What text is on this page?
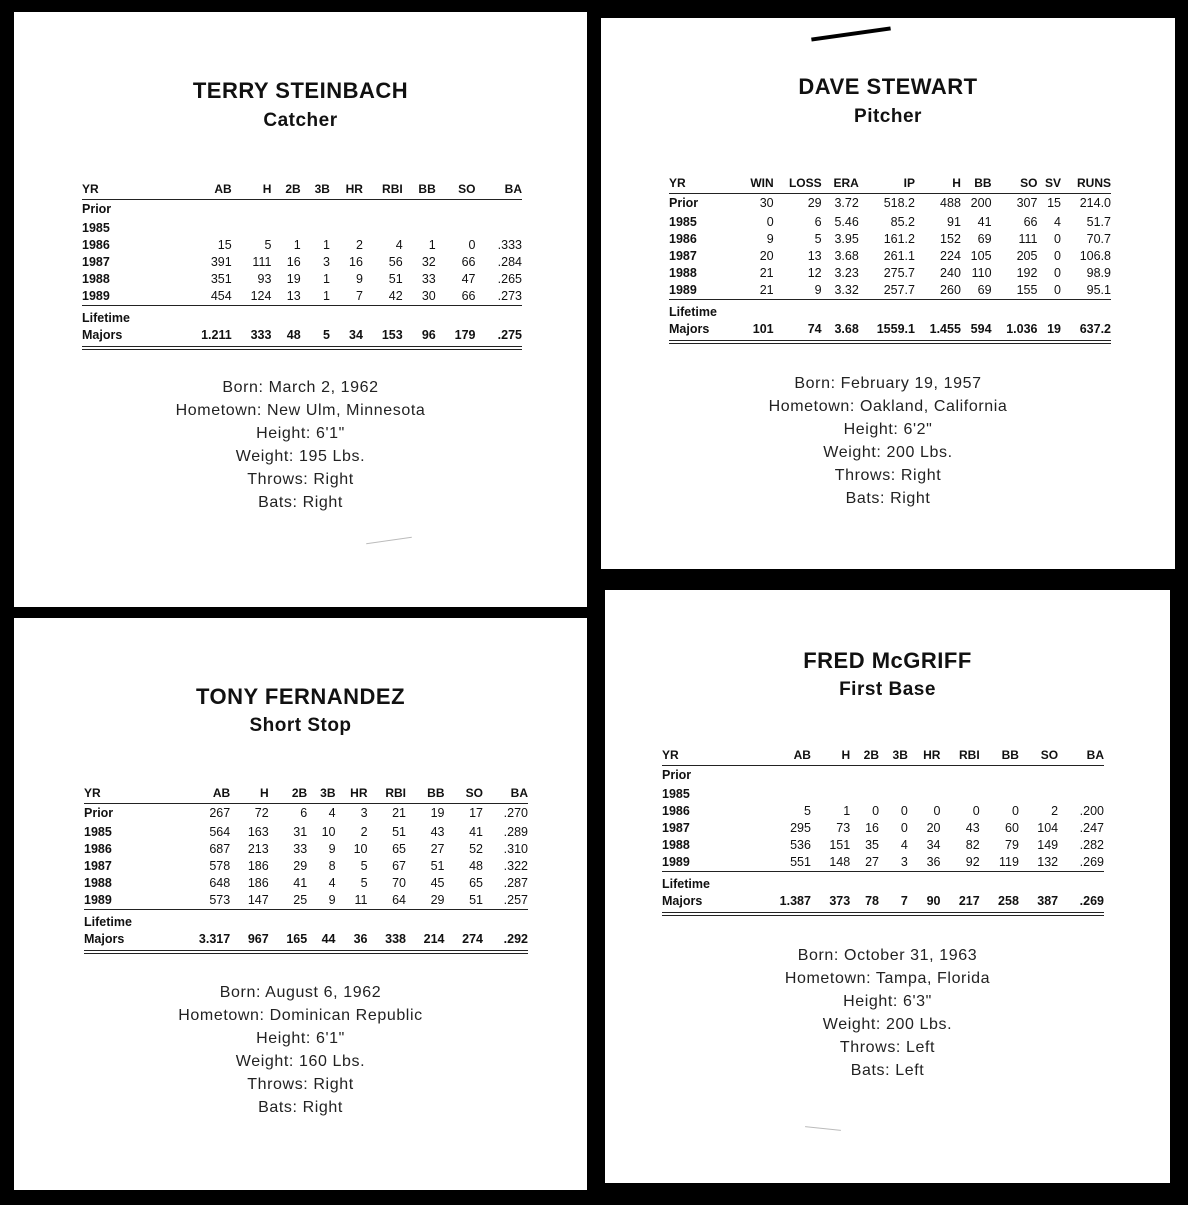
TERRY STEINBACH
Catcher
YR	AB	H	2B	3B	HR	RBI	BB	SO	BA
Prior									
1985									
1986	15	5	1	1	2	4	1	0	.333
1987	391	111	16	3	16	56	32	66	.284
1988	351	93	19	1	9	51	33	47	.265
1989	454	124	13	1	7	42	30	66	.273
Lifetime									
Majors	1.211	333	48	5	34	153	96	179	.275
Born: March 2, 1962
Hometown: New Ulm, Minnesota
Height: 6'1"
Weight: 195 Lbs.
Throws: Right
Bats: Right
DAVE STEWART
Pitcher
YR	WIN	LOSS	ERA	IP	H	BB	SO	SV	RUNS
Prior	30	29	3.72	518.2	488	200	307	15	214.0
1985	0	6	5.46	85.2	91	41	66	4	51.7
1986	9	5	3.95	161.2	152	69	111	0	70.7
1987	20	13	3.68	261.1	224	105	205	0	106.8
1988	21	12	3.23	275.7	240	110	192	0	98.9
1989	21	9	3.32	257.7	260	69	155	0	95.1
Lifetime									
Majors	101	74	3.68	1559.1	1.455	594	1.036	19	637.2
Born: February 19, 1957
Hometown: Oakland, California
Height: 6'2"
Weight: 200 Lbs.
Throws: Right
Bats: Right
TONY FERNANDEZ
Short Stop
YR	AB	H	2B	3B	HR	RBI	BB	SO	BA
Prior	267	72	6	4	3	21	19	17	.270
1985	564	163	31	10	2	51	43	41	.289
1986	687	213	33	9	10	65	27	52	.310
1987	578	186	29	8	5	67	51	48	.322
1988	648	186	41	4	5	70	45	65	.287
1989	573	147	25	9	11	64	29	51	.257
Lifetime									
Majors	3.317	967	165	44	36	338	214	274	.292
Born: August 6, 1962
Hometown: Dominican Republic
Height: 6'1"
Weight: 160 Lbs.
Throws: Right
Bats: Right
FRED McGRIFF
First Base
YR	AB	H	2B	3B	HR	RBI	BB	SO	BA
Prior									
1985									
1986	5	1	0	0	0	0	0	2	.200
1987	295	73	16	0	20	43	60	104	.247
1988	536	151	35	4	34	82	79	149	.282
1989	551	148	27	3	36	92	119	132	.269
Lifetime									
Majors	1.387	373	78	7	90	217	258	387	.269
Born: October 31, 1963
Hometown: Tampa, Florida
Height: 6'3"
Weight: 200 Lbs.
Throws: Left
Bats: Left
